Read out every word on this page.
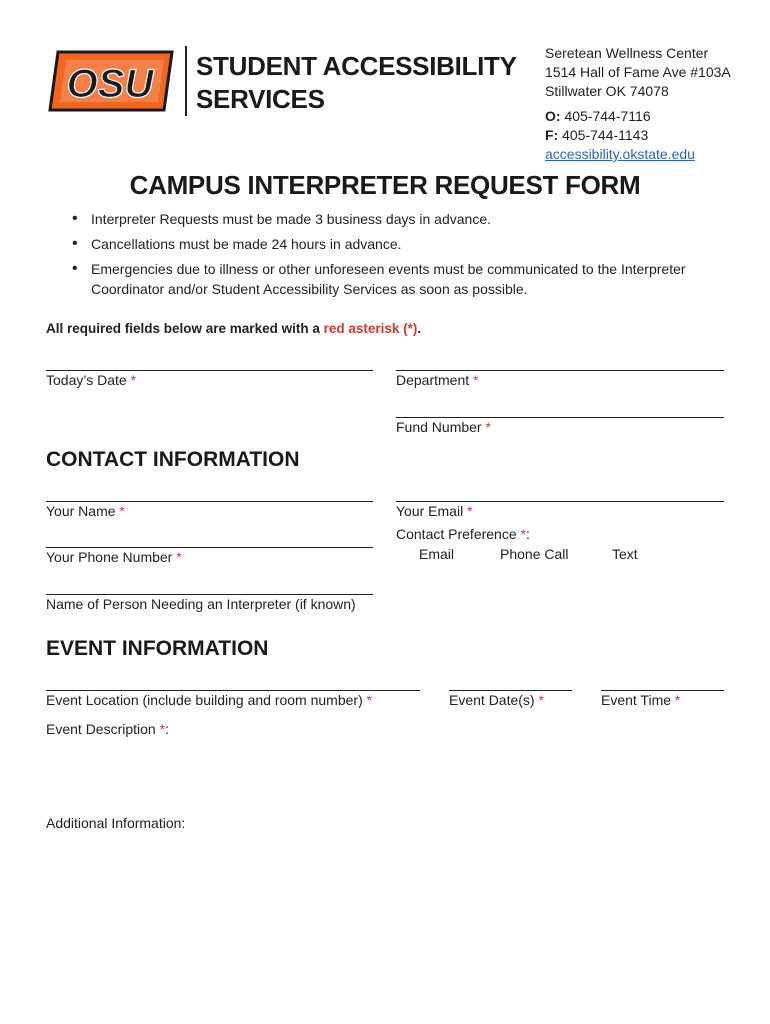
OSU STUDENT ACCESSIBILITY
SERVICES
Seretean Wellness Center
1514 Hall of Fame Ave #103A
Stillwater OK 74078
O: 405-744-7116
F: 405-744-1143
accessibility.okstate.edu
CAMPUS INTERPRETER REQUEST FORM
• Interpreter Requests must be made 3 business days in advance.
• Cancellations must be made 24 hours in advance.
• Emergencies due to illness or other unforeseen events must be communicated to the Interpreter Coordinator and/or Student Accessibility Services as soon as possible.
All required fields below are marked with a red asterisk (*).
Today’s Date *	Department *
Fund Number *
CONTACT INFORMATION
Your Name *	Your Email *
Contact Preference *:
Email	Phone Call	Text
Your Phone Number *
Name of Person Needing an Interpreter (if known)
EVENT INFORMATION
Event Location (include building and room number) *	Event Date(s) *	Event Time *
Event Description *:
Additional Information:
